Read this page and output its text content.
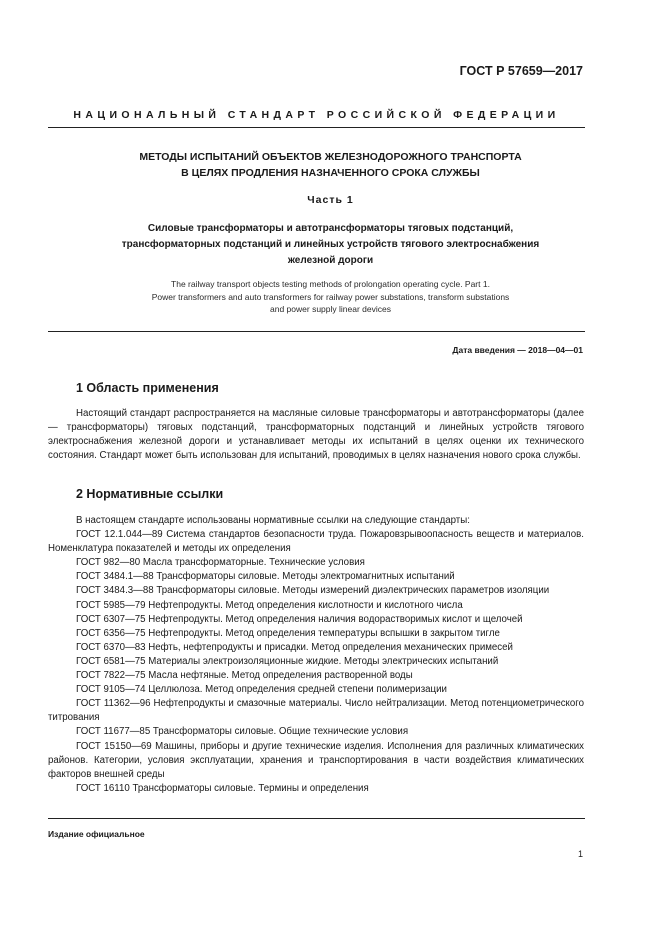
ГОСТ Р 57659—2017
НАЦИОНАЛЬНЫЙ СТАНДАРТ РОССИЙСКОЙ ФЕДЕРАЦИИ
МЕТОДЫ ИСПЫТАНИЙ ОБЪЕКТОВ ЖЕЛЕЗНОДОРОЖНОГО ТРАНСПОРТА
В ЦЕЛЯХ ПРОДЛЕНИЯ НАЗНАЧЕННОГО СРОКА СЛУЖБЫ
Часть 1
Силовые трансформаторы и автотрансформаторы тяговых подстанций,
трансформаторных подстанций и линейных устройств тягового электроснабжения
железной дороги
The railway transport objects testing methods of prolongation operating cycle. Part 1.
Power transformers and auto transformers for railway power substations, transform substations
and power supply linear devices
Дата введения — 2018—04—01
1 Область применения

Настоящий стандарт распространяется на масляные силовые трансформаторы и автотрансформаторы (далее — трансформаторы) тяговых подстанций, трансформаторных подстанций и линейных устройств тягового электроснабжения железной дороги и устанавливает методы их испытаний в целях оценки их технического состояния. Стандарт может быть использован для испытаний, проводимых в целях назначения нового срока службы.

2 Нормативные ссылки

В настоящем стандарте использованы нормативные ссылки на следующие стандарты:

ГОСТ 12.1.044—89 Система стандартов безопасности труда. Пожаровзрывоопасность веществ и материалов. Номенклатура показателей и методы их определения

ГОСТ 982—80 Масла трансформаторные. Технические условия

ГОСТ 3484.1—88 Трансформаторы силовые. Методы электромагнитных испытаний

ГОСТ 3484.3—88 Трансформаторы силовые. Методы измерений диэлектрических параметров изоляции

ГОСТ 5985—79 Нефтепродукты. Метод определения кислотности и кислотного числа

ГОСТ 6307—75 Нефтепродукты. Метод определения наличия водорастворимых кислот и щелочей

ГОСТ 6356—75 Нефтепродукты. Метод определения температуры вспышки в закрытом тигле

ГОСТ 6370—83 Нефть, нефтепродукты и присадки. Метод определения механических примесей

ГОСТ 6581—75 Материалы электроизоляционные жидкие. Методы электрических испытаний

ГОСТ 7822—75 Масла нефтяные. Метод определения растворенной воды

ГОСТ 9105—74 Целлюлоза. Метод определения средней степени полимеризации

ГОСТ 11362—96 Нефтепродукты и смазочные материалы. Число нейтрализации. Метод потенциометрического титрования

ГОСТ 11677—85 Трансформаторы силовые. Общие технические условия

ГОСТ 15150—69 Машины, приборы и другие технические изделия. Исполнения для различных климатических районов. Категории, условия эксплуатации, хранения и транспортирования в части воздействия климатических факторов внешней среды

ГОСТ 16110 Трансформаторы силовые. Термины и определения

Издание официальное
1
